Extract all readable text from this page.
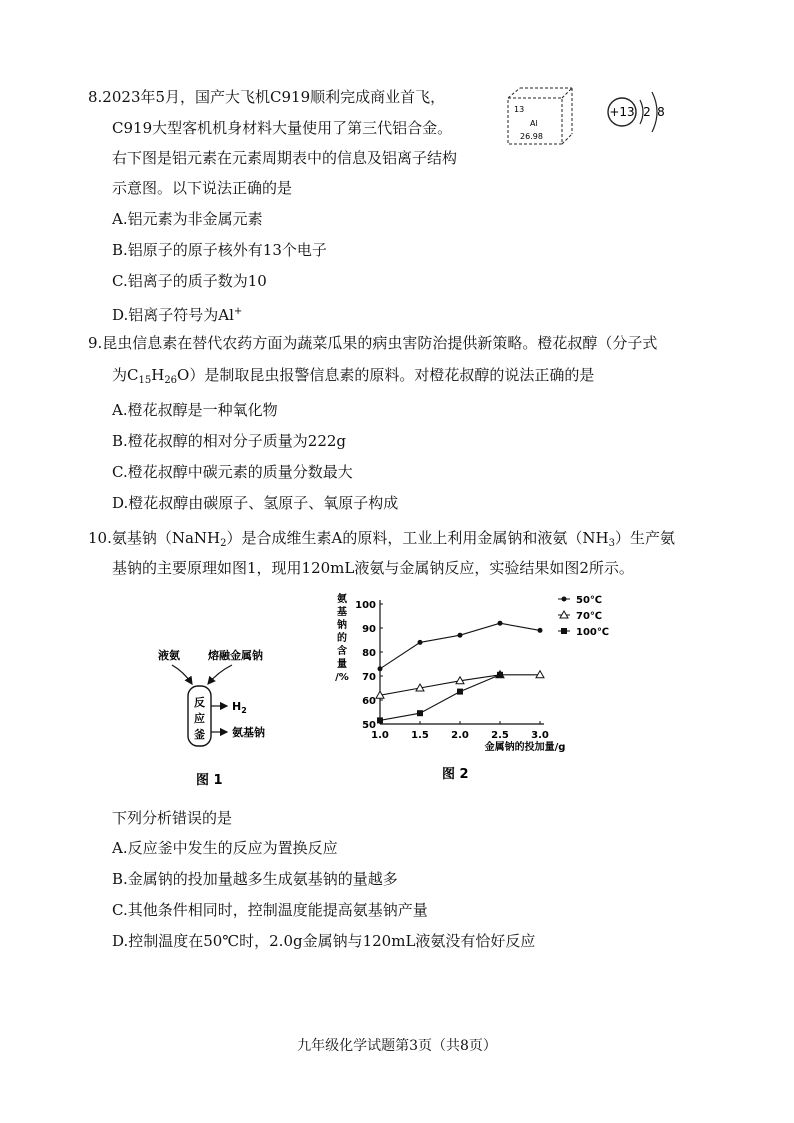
8.2023年5月，国产大飞机C919顺利完成商业首飞，
C919大型客机机身材料大量使用了第三代铝合金。
右下图是铝元素在元素周期表中的信息及铝离子结构
示意图。以下说法正确的是
A.铝元素为非金属元素
B.铝原子的原子核外有13个电子
C.铝离子的质子数为10
D.铝离子符号为Al+
13
Al
26.98
+13 2 8
9.昆虫信息素在替代农药方面为蔬菜瓜果的病虫害防治提供新策略。橙花叔醇（分子式
为$C_{15}H_{26}O$）是制取昆虫报警信息素的原料。对橙花叔醇的说法正确的是
A.橙花叔醇是一种氧化物
B.橙花叔醇的相对分子质量为222g
C.橙花叔醇中碳元素的质量分数最大
D.橙花叔醇由碳原子、氢原子、氧原子构成
10.氨基钠（NaNH$_2$）是合成维生素A的原料，工业上利用金属钠和液氨$(NH_3)$生产氨
基钠的主要原理如图1，现用120mL液氨与金属钠反应，实验结果如图2所示。
液氨	熔融金属钠
反
应
釜
$H_2$
氨基钠
图 1
氨
基
钠
的
含
量
/%
50
60
70
80
90
100
1.0 1.5 2.0 2.5 3.0
50℃
70℃
100℃
金属钠的投加量/g
图 2
下列分析错误的是
A.反应釜中发生的反应为置换反应
B.金属钠的投加量越多生成氨基钠的量越多
C.其他条件相同时，控制温度能提高氨基钠产量
D.控制温度在50℃时，2.0g金属钠与120mL液氨没有恰好反应
九年级化学试题第3页（共8页）
